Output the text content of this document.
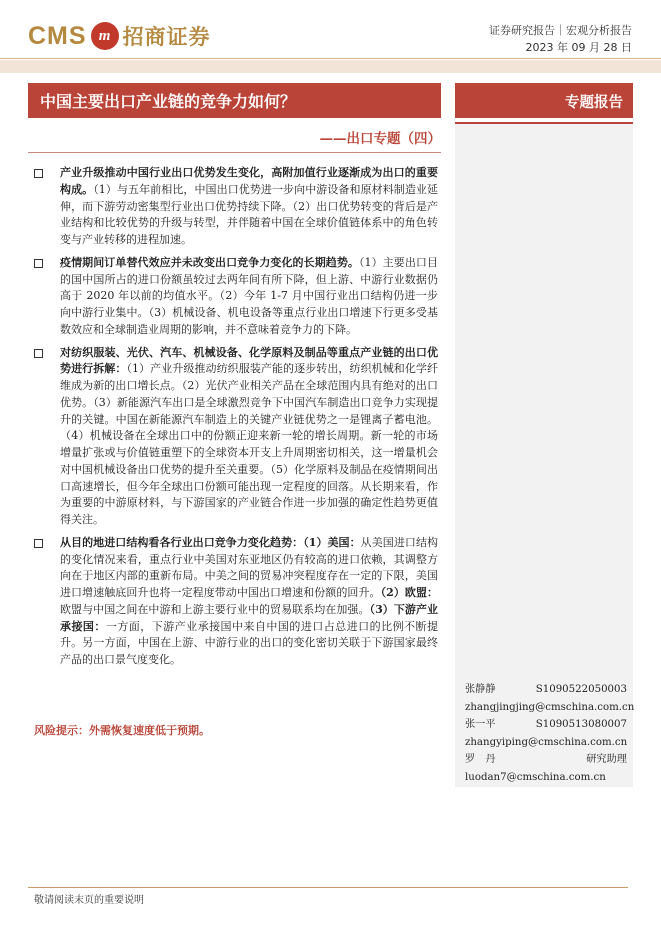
CMS m 招商证券	证券研究报告｜宏观分析报告
2023 年 09 月 28 日
中国主要出口产业链的竞争力如何？
——出口专题（四）
专题报告
产业升级推动中国行业出口优势发生变化，高附加值行业逐渐成为出口的重要构成。（1）与五年前相比，中国出口优势进一步向中游设备和原材料制造业延伸，而下游劳动密集型行业出口优势持续下降。（2）出口优势转变的背后是产业结构和比较优势的升级与转型，并伴随着中国在全球价值链体系中的角色转变与产业转移的进程加速。
疫情期间订单替代效应并未改变出口竞争力变化的长期趋势。（1）主要出口目的国中国所占的进口份额虽较过去两年间有所下降，但上游、中游行业数据仍高于 2020 年以前的均值水平。（2）今年 1-7 月中国行业出口结构仍进一步向中游行业集中。（3）机械设备、机电设备等重点行业出口增速下行更多受基数效应和全球制造业周期的影响，并不意味着竞争力的下降。
对纺织服装、光伏、汽车、机械设备、化学原料及制品等重点产业链的出口优势进行拆解：（1）产业升级推动纺织服装产能的逐步转出，纺织机械和化学纤维成为新的出口增长点。（2）光伏产业相关产品在全球范围内具有绝对的出口优势。（3）新能源汽车出口是全球激烈竞争下中国汽车制造出口竞争力实现提升的关键。中国在新能源汽车制造上的关键产业链优势之一是锂离子蓄电池。（4）机械设备在全球出口中的份额正迎来新一轮的增长周期。新一轮的市场增量扩张或与价值链重塑下的全球资本开支上升周期密切相关，这一增量机会对中国机械设备出口优势的提升至关重要。（5）化学原料及制品在疫情期间出口高速增长，但今年全球出口份额可能出现一定程度的回落。从长期来看，作为重要的中游原材料，与下游国家的产业链合作进一步加强的确定性趋势更值得关注。
从目的地进口结构看各行业出口竞争力变化趋势：（1）美国：从美国进口结构的变化情况来看，重点行业中美国对东亚地区仍有较高的进口依赖，其调整方向在于地区内部的重新布局。中美之间的贸易冲突程度存在一定的下限，美国进口增速触底回升也将一定程度带动中国出口增速和份额的回升。（2）欧盟：欧盟与中国之间在中游和上游主要行业中的贸易联系均在加强。（3）下游产业承接国：一方面，下游产业承接国中来自中国的进口占总进口的比例不断提升。另一方面，中国在上游、中游行业的出口的变化密切关联于下游国家最终产品的出口景气度变化。
风险提示：外需恢复速度低于预期。
张静静	S1090522050003
zhangjingjing@cmschina.com.cn
张一平	S1090513080007
zhangyiping@cmschina.com.cn
罗　丹	研究助理
luodan7@cmschina.com.cn
敬请阅读末页的重要说明
